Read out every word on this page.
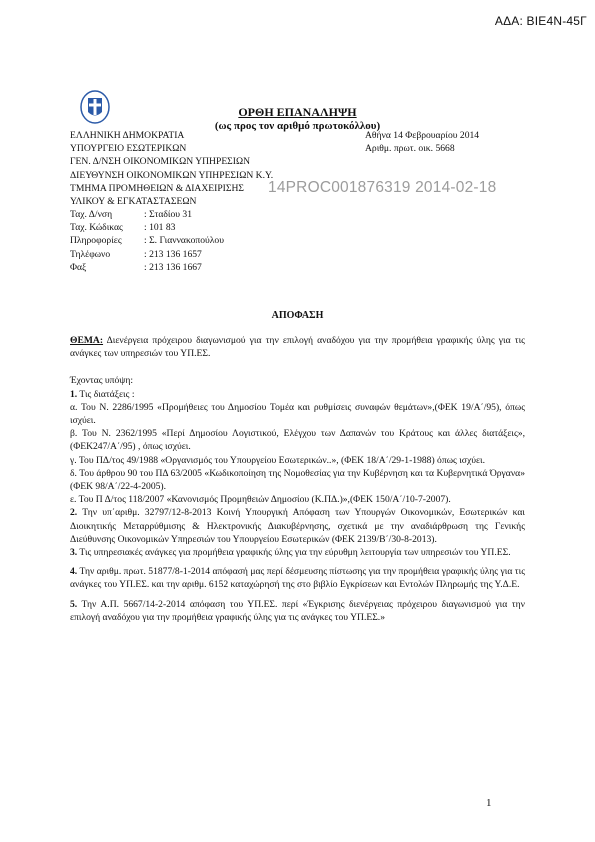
ΑΔΑ: ΒΙΕ4Ν-45Γ
ΟΡΘΗ ΕΠΑΝΑΛΗΨΗ
(ως προς τον αριθμό πρωτοκόλλου)
ΕΛΛΗΝΙΚΗ ΔΗΜΟΚΡΑΤΙΑ
ΥΠΟΥΡΓΕΙΟ ΕΣΩΤΕΡΙΚΩΝ
ΓΕΝ. Δ/ΝΣΗ ΟΙΚΟΝΟΜΙΚΩΝ ΥΠΗΡΕΣΙΩΝ
ΔΙΕΥΘΥΝΣΗ ΟΙΚΟΝΟΜΙΚΩΝ ΥΠΗΡΕΣΙΩΝ Κ.Υ.
ΤΜΗΜΑ ΠΡΟΜΗΘΕΙΩΝ & ΔΙΑΧΕΙΡΙΣΗΣ
ΥΛΙΚΟΥ & ΕΓΚΑΤΑΣΤΑΣΕΩΝ
Αθήνα 14 Φεβρουαρίου 2014
Αριθμ. πρωτ. οικ. 5668
14PROC001876319 2014-02-18
Ταχ. Δ/νση	: Σταδίου 31
Ταχ. Κώδικας : 101 83
Πληροφορίες : Σ. Γιαννακοπούλου
Τηλέφωνο	: 213 136 1657
Φαξ	: 213 136 1667
ΑΠΟΦΑΣΗ

ΘΕΜΑ: Διενέργεια πρόχειρου διαγωνισμού για την επιλογή αναδόχου για την προμήθεια γραφικής ύλης για τις ανάγκες των υπηρεσιών του ΥΠ.ΕΣ.

Έχοντας υπόψη:

1. Τις διατάξεις :

α. Του Ν. 2286/1995 «Προμήθειες του Δημοσίου Τομέα και ρυθμίσεις συναφών θεμάτων»,(ΦΕΚ 19/Α΄/95), όπως ισχύει.

β. Του Ν. 2362/1995 «Περί Δημοσίου Λογιστικού, Ελέγχου των Δαπανών του Κράτους και άλλες διατάξεις», (ΦΕΚ247/Α΄/95) , όπως ισχύει.

γ. Του ΠΔ/τος 49/1988 «Οργανισμός του Υπουργείου Εσωτερικών..», (ΦΕΚ 18/Α΄/29-1-1988) όπως ισχύει.

δ. Του άρθρου 90 του ΠΔ 63/2005 «Κωδικοποίηση της Νομοθεσίας για την Κυβέρνηση και τα Κυβερνητικά Όργανα» (ΦΕΚ 98/Α΄/22-4-2005).

ε. Του Π Δ/τος 118/2007 «Κανονισμός Προμηθειών Δημοσίου (Κ.ΠΔ.)»,(ΦΕΚ 150/Α΄/10-7-2007).

2. Την υπ΄αριθμ. 32797/12-8-2013 Κοινή Υπουργική Απόφαση των Υπουργών Οικονομικών, Εσωτερικών και Διοικητικής Μεταρρύθμισης & Ηλεκτρονικής Διακυβέρνησης, σχετικά με την αναδιάρθρωση της Γενικής Διεύθυνσης Οικονομικών Υπηρεσιών του Υπουργείου Εσωτερικών (ΦΕΚ 2139/Β΄/30-8-2013).

3. Τις υπηρεσιακές ανάγκες για προμήθεια γραφικής ύλης για την εύρυθμη λειτουργία των υπηρεσιών του ΥΠ.ΕΣ.

4. Την αριθμ. πρωτ. 51877/8-1-2014 απόφασή μας περί δέσμευσης πίστωσης για την προμήθεια γραφικής ύλης για τις ανάγκες του ΥΠ.ΕΣ. και την αριθμ. 6152 καταχώρησή της στο βιβλίο Εγκρίσεων και Εντολών Πληρωμής της Υ.Δ.Ε.

5. Την Α.Π. 5667/14-2-2014 απόφαση του ΥΠ.ΕΣ. περί «Έγκρισης διενέργειας πρόχειρου διαγωνισμού για την επιλογή αναδόχου για την προμήθεια γραφικής ύλης για τις ανάγκες του ΥΠ.ΕΣ.»

1
